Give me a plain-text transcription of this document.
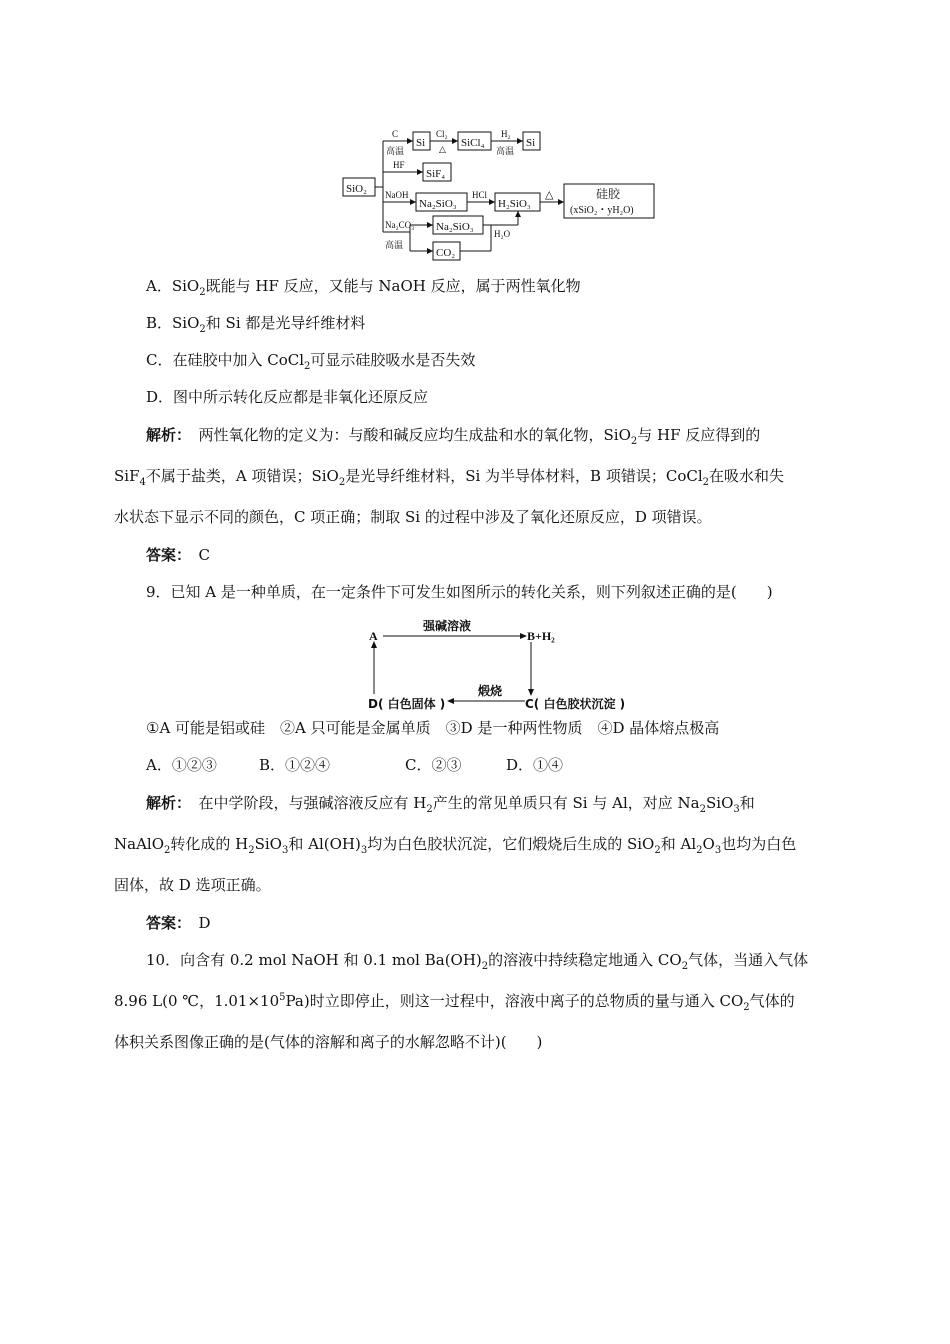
SiO₂
Si	SiCl₄	Si
SiF₄
Na₂SiO₃	H₂SiO₃
硅胶
(xSiO₂・yH₂O)
Na₂SiO₃
CO₂
C
高温
Cl₂
△
H₂
高温
HF
NaOH	HCl	△
Na₂CO₃
高温
H₂O
A．SiO$_2$既能与 HF 反应，又能与 NaOH 反应，属于两性氧化物
B．SiO$_2$和 Si 都是光导纤维材料
C．在硅胶中加入 CoCl$_2$可显示硅胶吸水是否失效
D．图中所示转化反应都是非氧化还原反应
解析：　 两性氧化物的定义为：与酸和碱反应均生成盐和水的氧化物，SiO$_2$与 HF 反应得到的
SiF$_4$不属于盐类，A 项错误；SiO$_2$是光导纤维材料，Si 为半导体材料，B 项错误；CoCl$_2$在吸水和失
水状态下显示不同的颜色，C 项正确；制取 Si 的过程中涉及了氧化还原反应，D 项错误。
答案：　 C
9．已知 A 是一种单质，在一定条件下可发生如图所示的转化关系，则下列叙述正确的是(　　)
A
强碱溶液
B+H₂
煅烧
D( 白色固体 )	C( 白色胶状沉淀 )
①A 可能是铝或硅　②A 只可能是金属单质　③D 是一种两性物质　④D 晶体熔点极高
A．①②③	B．①②④	C．②③	D．①④
解析：　 在中学阶段，与强碱溶液反应有 $H_2$产生的常见单质只有 Si 与 Al，对应 $Na_2SiO_3$和
NaAlO$_2$转化成的 $H_2SiO_3$和 $Al(OH)_3$均为白色胶状沉淀，它们煅烧后生成的 SiO$_2$和 $Al_2O_3$也均为白色
固体，故 D 选项正确。
答案：　 D
10．向含有 0.2 mol NaOH 和 0.1 mol $Ba(OH)_2$的溶液中持续稳定地通入 $CO_2$气体，当通入气体
8.96 L(0 ℃，$1.01\times 10^5Pa$)时立即停止，则这一过程中，溶液中离子的总物质的量与通入 $CO_2$气体的
体积关系图像正确的是(气体的溶解和离子的水解忽略不计)(　　)
